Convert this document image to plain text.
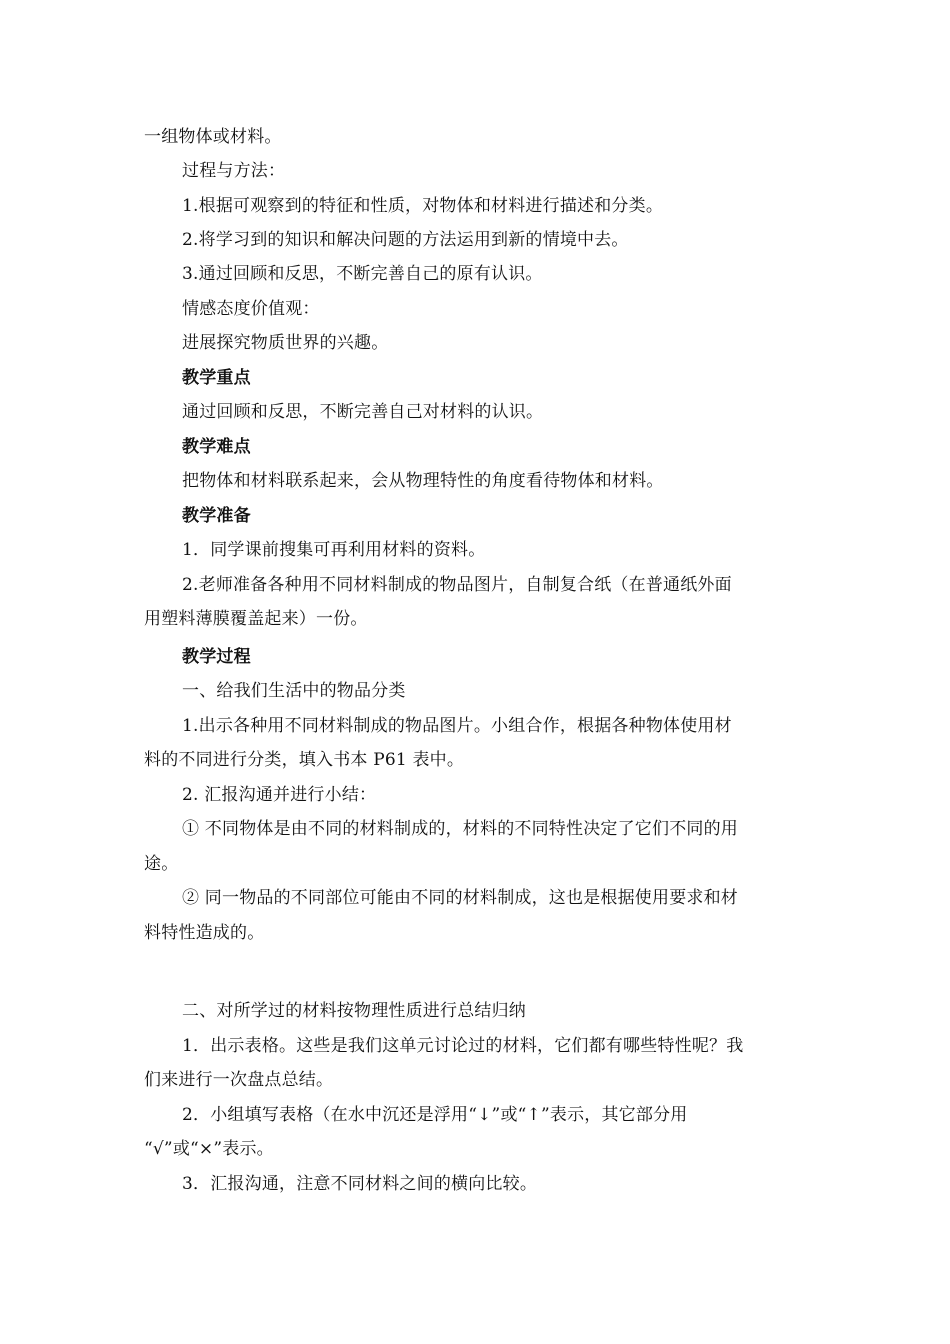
一组物体或材料。
过程与方法：
1.根据可观察到的特征和性质，对物体和材料进行描述和分类。
2.将学习到的知识和解决问题的方法运用到新的情境中去。
3.通过回顾和反思，不断完善自己的原有认识。
情感态度价值观：
进展探究物质世界的兴趣。
教学重点
通过回顾和反思，不断完善自己对材料的认识。
教学难点
把物体和材料联系起来，会从物理特性的角度看待物体和材料。
教学准备
1．同学课前搜集可再利用材料的资料。
2.老师准备各种用不同材料制成的物品图片，自制复合纸（在普通纸外面
用塑料薄膜覆盖起来）一份。
教学过程
一、给我们生活中的物品分类
1.出示各种用不同材料制成的物品图片。小组合作，根据各种物体使用材
料的不同进行分类，填入书本 P61 表中。
2. 汇报沟通并进行小结：
① 不同物体是由不同的材料制成的，材料的不同特性决定了它们不同的用
途。
② 同一物品的不同部位可能由不同的材料制成，这也是根据使用要求和材
料特性造成的。
二、对所学过的材料按物理性质进行总结归纳
1．出示表格。这些是我们这单元讨论过的材料，它们都有哪些特性呢？我
们来进行一次盘点总结。
2．小组填写表格（在水中沉还是浮用“↓”或“↑”表示，其它部分用
“√”或“×”表示。
3．汇报沟通，注意不同材料之间的横向比较。
